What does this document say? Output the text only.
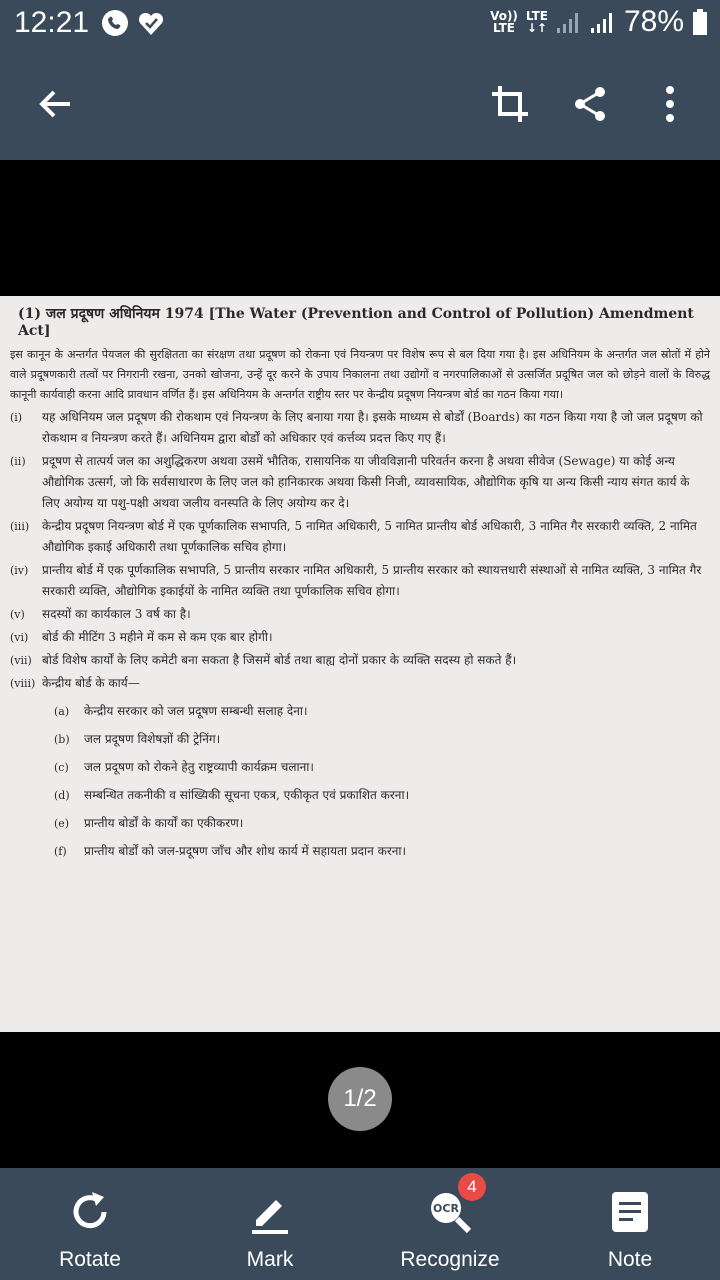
12:21	Vo))
LTE
LTE
↓↑	78%
(1) जल प्रदूषण अधिनियम 1974 [The Water (Prevention and Control of Pollution) Amendment Act]
इस कानून के अन्तर्गत पेयजल की सुरक्षितता का संरक्षण तथा प्रदूषण को रोकना एवं नियन्त्रण पर विशेष रूप से बल दिया गया है। इस अधिनियम के अन्तर्गत जल स्रोतों में होने वाले प्रदूषणकारी तत्वों पर निगरानी रखना, उनको खोजना, उन्हें दूर करने के उपाय निकालना तथा उद्योगों व नगरपालिकाओं से उत्सर्जित प्रदूषित जल को छोड़ने वालों के विरुद्ध कानूनी कार्यवाही करना आदि प्रावधान वर्णित हैं। इस अधिनियम के अन्तर्गत राष्ट्रीय स्तर पर केन्द्रीय प्रदूषण नियन्त्रण बोर्ड का गठन किया गया।
(i)	यह अधिनियम जल प्रदूषण की रोकथाम एवं नियन्त्रण के लिए बनाया गया है। इसके माध्यम से बोर्डों (Boards) का गठन किया गया है जो जल प्रदूषण को रोकथाम व नियन्त्रण करते हैं। अधिनियम द्वारा बोर्डों को अधिकार एवं कर्त्तव्य प्रदत्त किए गए हैं।
(ii)	प्रदूषण से तात्पर्य जल का अशुद्धिकरण अथवा उसमें भौतिक, रासायनिक या जीवविज्ञानी परिवर्तन करना है अथवा सीवेज (Sewage) या कोई अन्य औद्योगिक उत्सर्ग, जो कि सर्वसाधारण के लिए जल को हानिकारक अथवा किसी निजी, व्यावसायिक, औद्योगिक कृषि या अन्य किसी न्याय संगत कार्य के लिए अयोग्य या पशु-पक्षी अथवा जलीय वनस्पति के लिए अयोग्य कर दे।
(iii)	केन्द्रीय प्रदूषण नियन्त्रण बोर्ड में एक पूर्णकालिक सभापति, 5 नामित अधिकारी, 5 नामित प्रान्तीय बोर्ड अधिकारी, 3 नामित गैर सरकारी व्यक्ति, 2 नामित औद्योगिक इकाई अधिकारी तथा पूर्णकालिक सचिव होगा।
(iv)	प्रान्तीय बोर्ड में एक पूर्णकालिक सभापति, 5 प्रान्तीय सरकार नामित अधिकारी, 5 प्रान्तीय सरकार को स्थायत्तधारी संस्थाओं से नामित व्यक्ति, 3 नामित गैर सरकारी व्यक्ति, औद्योगिक इकाईयों के नामित व्यक्ति तथा पूर्णकालिक सचिव होगा।
(v)	सदस्यों का कार्यकाल 3 वर्ष का है।
(vi)	बोर्ड की मीटिंग 3 महीने में कम से कम एक बार होगी।
(vii) बोर्ड विशेष कार्यों के लिए कमेटी बना सकता है जिसमें बोर्ड तथा बाह्य दोनों प्रकार के व्यक्ति सदस्य हो सकते हैं।
(viii) केन्द्रीय बोर्ड के कार्य—
(a)	केन्द्रीय सरकार को जल प्रदूषण सम्बन्धी सलाह देना।
(b)	जल प्रदूषण विशेषज्ञों की ट्रेनिंग।
(c)	जल प्रदूषण को रोकने हेतु राष्ट्रव्यापी कार्यक्रम चलाना।
(d)	सम्बन्धित तकनीकी व सांख्यिकी सूचना एकत्र, एकीकृत एवं प्रकाशित करना।
(e)	प्रान्तीय बोर्डों के कार्यों का एकीकरण।
(f)	प्रान्तीय बोर्डों को जल-प्रदूषण जाँच और शोध कार्य में सहायता प्रदान करना।
1/2
Rotate	Mark
OCR
Recognize	Note
4
